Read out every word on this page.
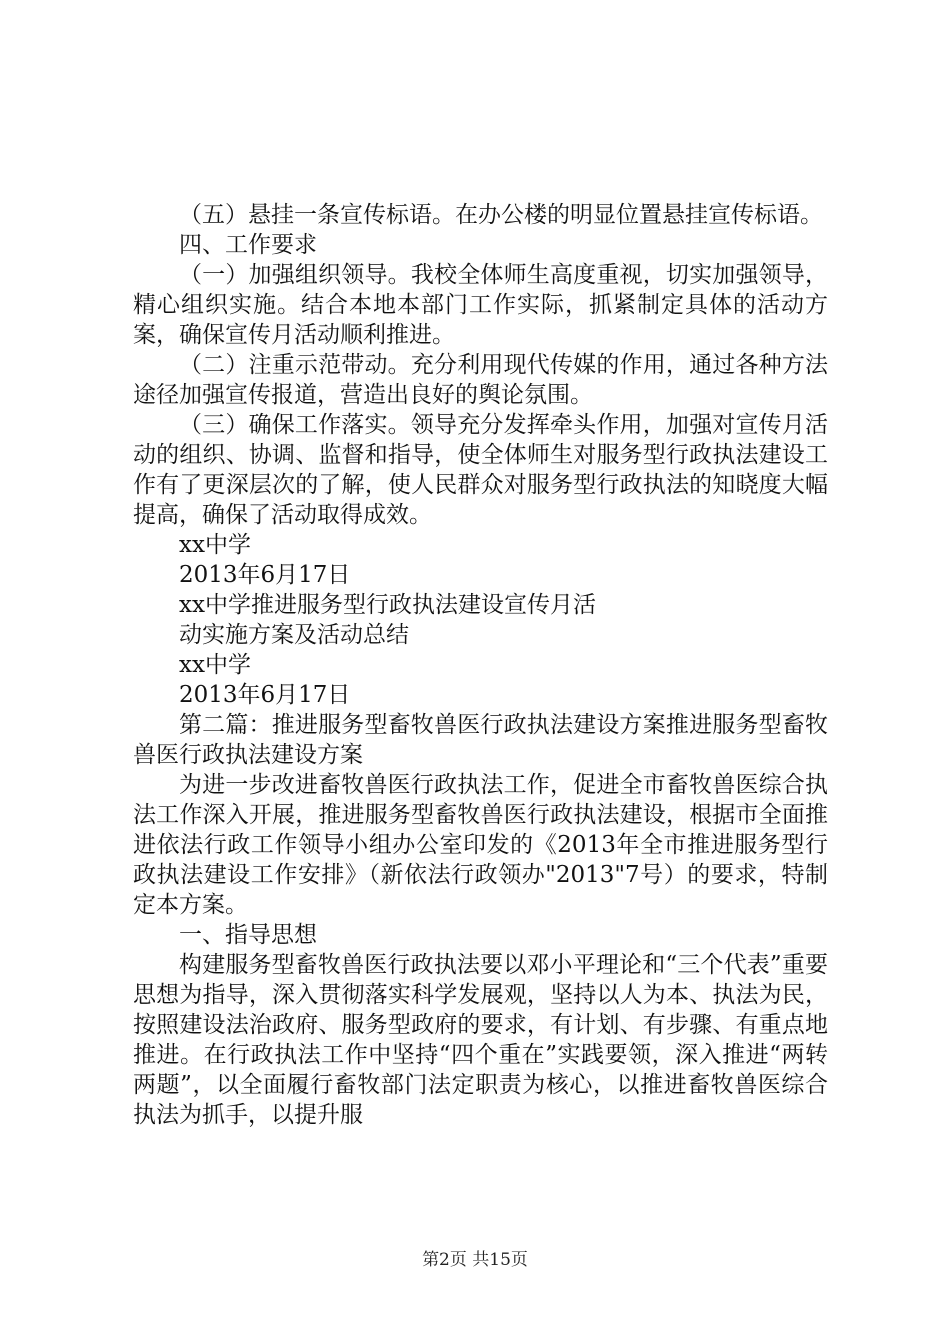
（五）悬挂一条宣传标语。在办公楼的明显位置悬挂宣传标语。

四、工作要求

（一）加强组织领导。我校全体师生高度重视，切实加强领导，精心组织实施。结合本地本部门工作实际，抓紧制定具体的活动方案，确保宣传月活动顺利推进。

（二）注重示范带动。充分利用现代传媒的作用，通过各种方法途径加强宣传报道，营造出良好的舆论氛围。

（三）确保工作落实。领导充分发挥牵头作用，加强对宣传月活动的组织、协调、监督和指导，使全体师生对服务型行政执法建设工作有了更深层次的了解，使人民群众对服务型行政执法的知晓度大幅提高，确保了活动取得成效。

xx中学

2013年6月17日

xx中学推进服务型行政执法建设宣传月活

动实施方案及活动总结

xx中学

2013年6月17日

第二篇：推进服务型畜牧兽医行政执法建设方案推进服务型畜牧兽医行政执法建设方案

为进一步改进畜牧兽医行政执法工作，促进全市畜牧兽医综合执法工作深入开展，推进服务型畜牧兽医行政执法建设，根据市全面推进依法行政工作领导小组办公室印发的《2013年全市推进服务型行政执法建设工作安排》（新依法行政领办"2013"7号）的要求，特制定本方案。

一、指导思想

构建服务型畜牧兽医行政执法要以邓小平理论和“三个代表”重要思想为指导，深入贯彻落实科学发展观，坚持以人为本、执法为民，按照建设法治政府、服务型政府的要求，有计划、有步骤、有重点地推进。在行政执法工作中坚持“四个重在”实践要领，深入推进“两转两题”，以全面履行畜牧部门法定职责为核心，以推进畜牧兽医综合执法为抓手，以提升服

第2页 共15页
